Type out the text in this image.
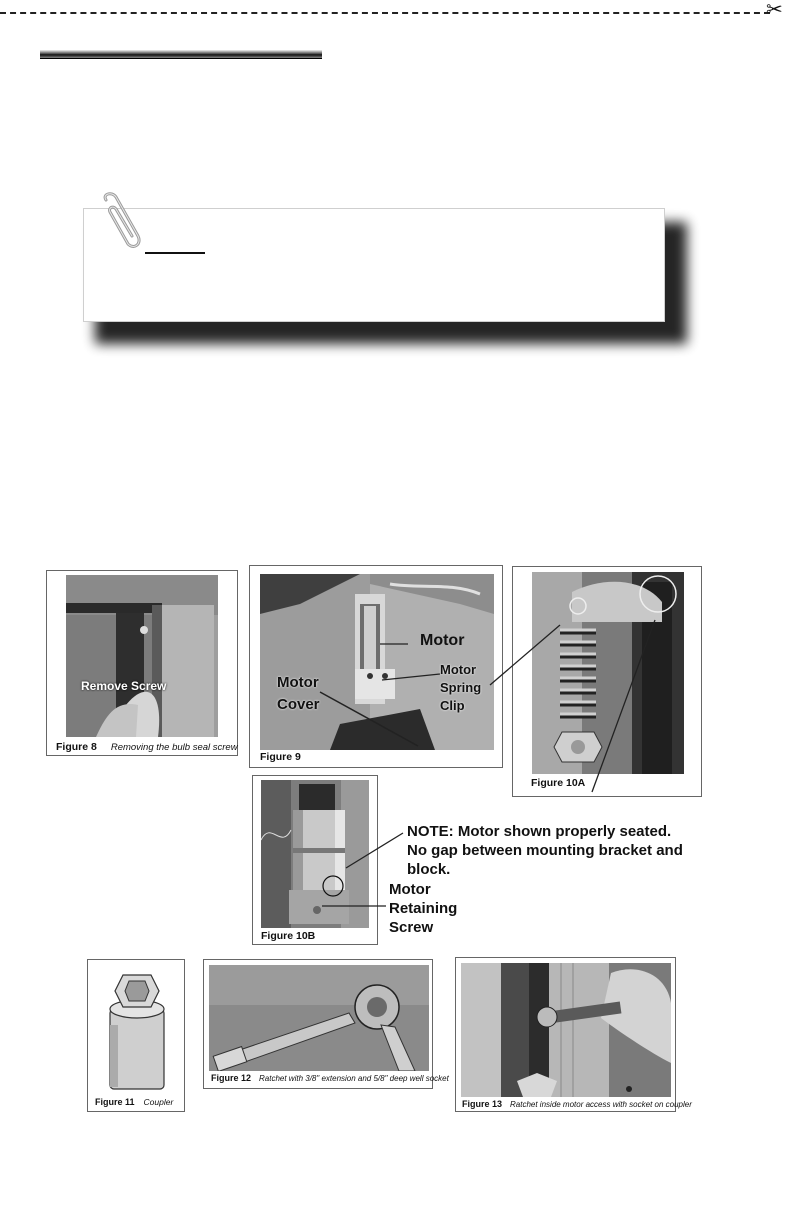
✂
Remove Screw
Figure 8 Removing the bulb seal screw
Motor
Motor
Spring
Clip
Motor
Cover
Figure 9
Figure 10A
Figure 10B
NOTE: Motor shown properly seated.
No gap between mounting bracket and
block.
Motor
Retaining
Screw
Figure 11 Coupler
Figure 12 Ratchet with 3/8" extension and 5/8" deep well socket
Figure 13 Ratchet inside motor access with socket on coupler
